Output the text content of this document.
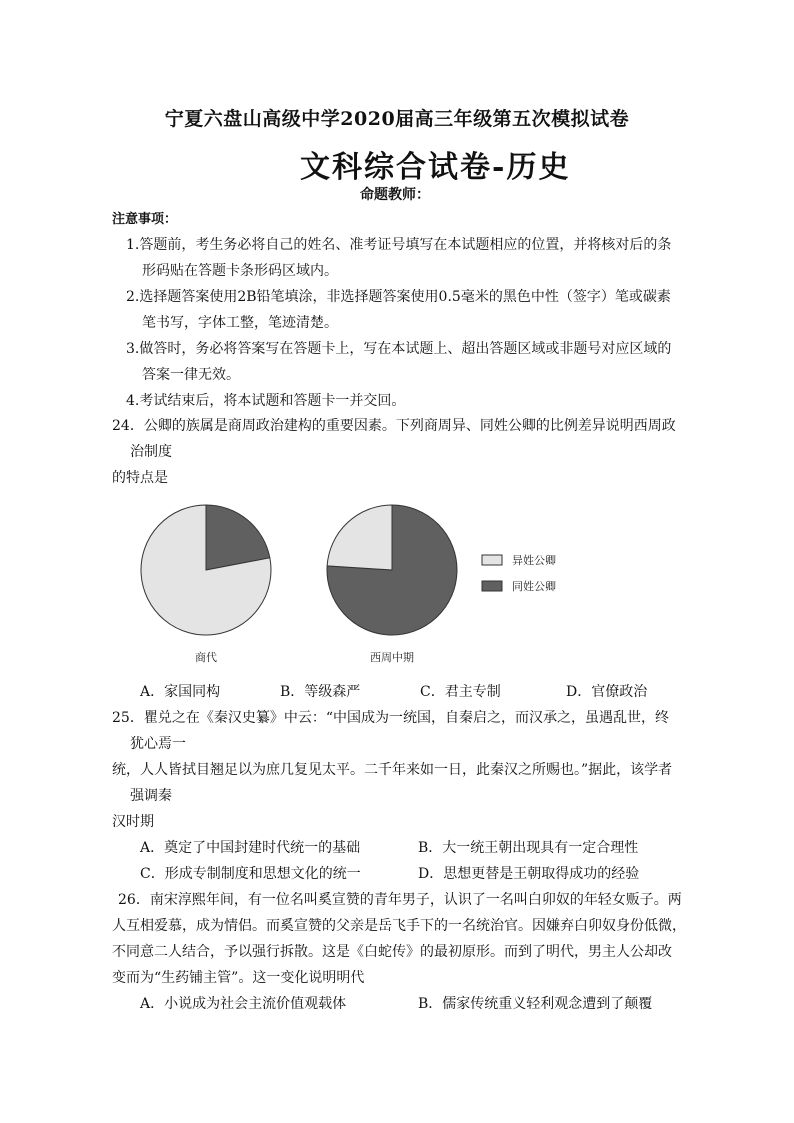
宁夏六盘山高级中学2020届高三年级第五次模拟试卷
文科综合试卷-历史
命题教师：
注意事项：
1.答题前，考生务必将自己的姓名、准考证号填写在本试题相应的位置，并将核对后的条
形码贴在答题卡条形码区域内。
2.选择题答案使用2B铅笔填涂，非选择题答案使用0.5毫米的黑色中性（签字）笔或碳素
笔书写，字体工整，笔迹清楚。
3.做答时，务必将答案写在答题卡上，写在本试题上、超出答题区域或非题号对应区域的
答案一律无效。
4.考试结束后，将本试题和答题卡一并交回。
24．公卿的族属是商周政治建构的重要因素。下列商周异、同姓公卿的比例差异说明西周政
治制度
的特点是
商代	西周中期
异姓公卿
同姓公卿
A．家国同构	B．等级森严	C．君主专制	D．官僚政治
25．瞿兑之在《秦汉史纂》中云：“中国成为一统国，自秦启之，而汉承之，虽遇乱世，终
犹心焉一
统，人人皆拭目翘足以为庶几复见太平。二千年来如一日，此秦汉之所赐也。”据此，该学者
强调秦
汉时期
A．奠定了中国封建时代统一的基础	B．大一统王朝出现具有一定合理性
C．形成专制制度和思想文化的统一	D．思想更替是王朝取得成功的经验
26．南宋淳熙年间，有一位名叫奚宣赞的青年男子，认识了一名叫白卯奴的年轻女贩子。两
人互相爱慕，成为情侣。而奚宣赞的父亲是岳飞手下的一名统治官。因嫌弃白卯奴身份低微，
不同意二人结合，予以强行拆散。这是《白蛇传》的最初原形。而到了明代，男主人公却改
变而为“生药铺主管”。这一变化说明明代
A．小说成为社会主流价值观载体	B．儒家传统重义轻利观念遭到了颠覆
